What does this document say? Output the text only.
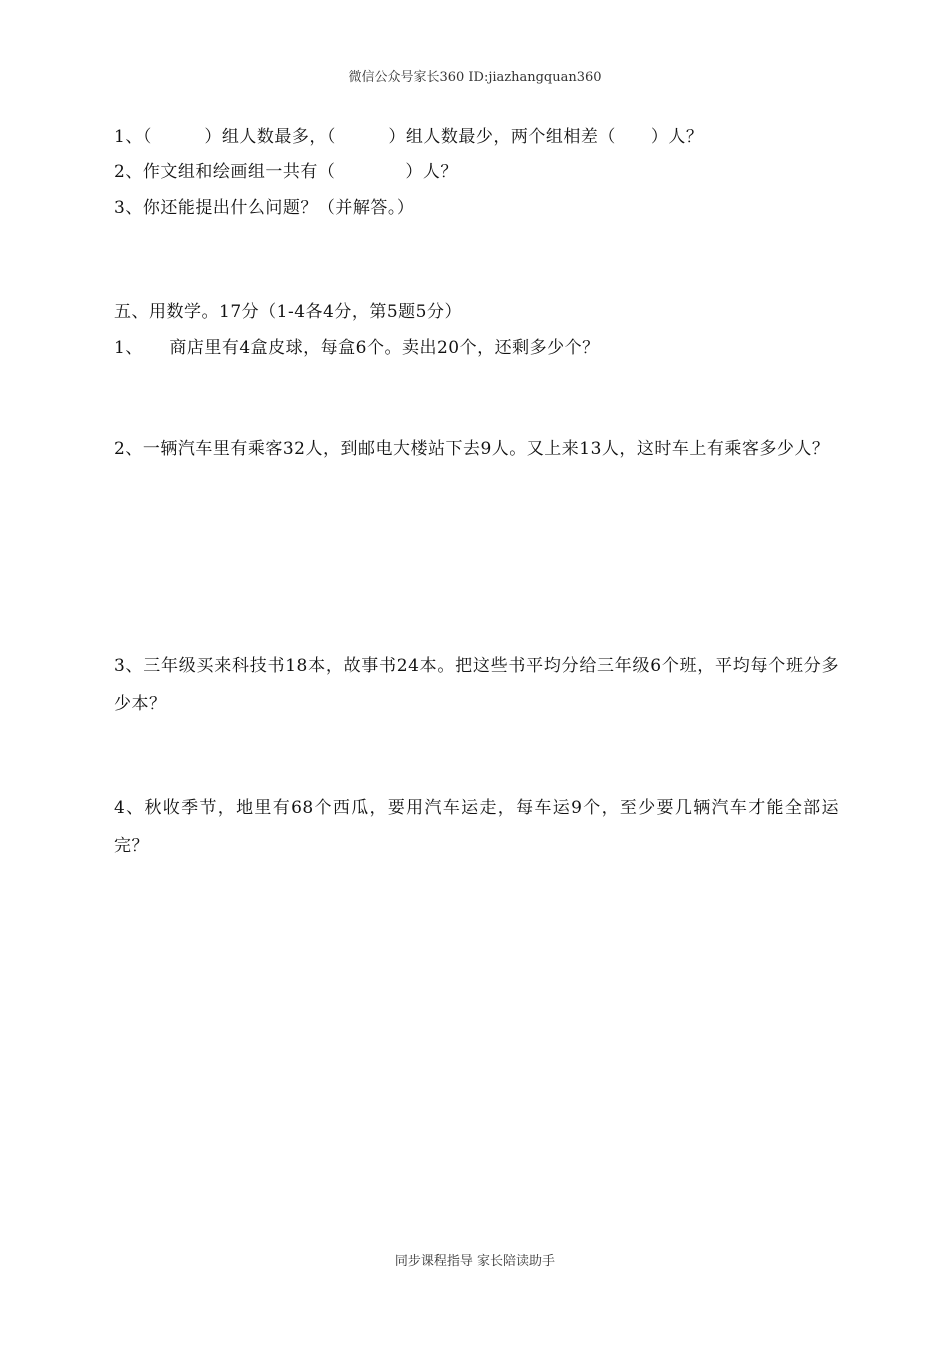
微信公众号家长360 ID:jiazhangquan360
1、（　　　）组人数最多，（　　　）组人数最少，两个组相差（　　）人？
2、作文组和绘画组一共有（　　　　）人？
3、你还能提出什么问题？（并解答。）
五、用数学。17分（1-4各4分，第5题5分）
1、　　商店里有4盒皮球，每盒6个。卖出20个，还剩多少个？
2、一辆汽车里有乘客32人，到邮电大楼站下去9人。又上来13人，这时车上有乘客多少人？
3、三年级买来科技书18本，故事书24本。把这些书平均分给三年级6个班，平均每个班分多少本？
4、秋收季节，地里有68个西瓜，要用汽车运走，每车运9个，至少要几辆汽车才能全部运完？
同步课程指导 家长陪读助手
